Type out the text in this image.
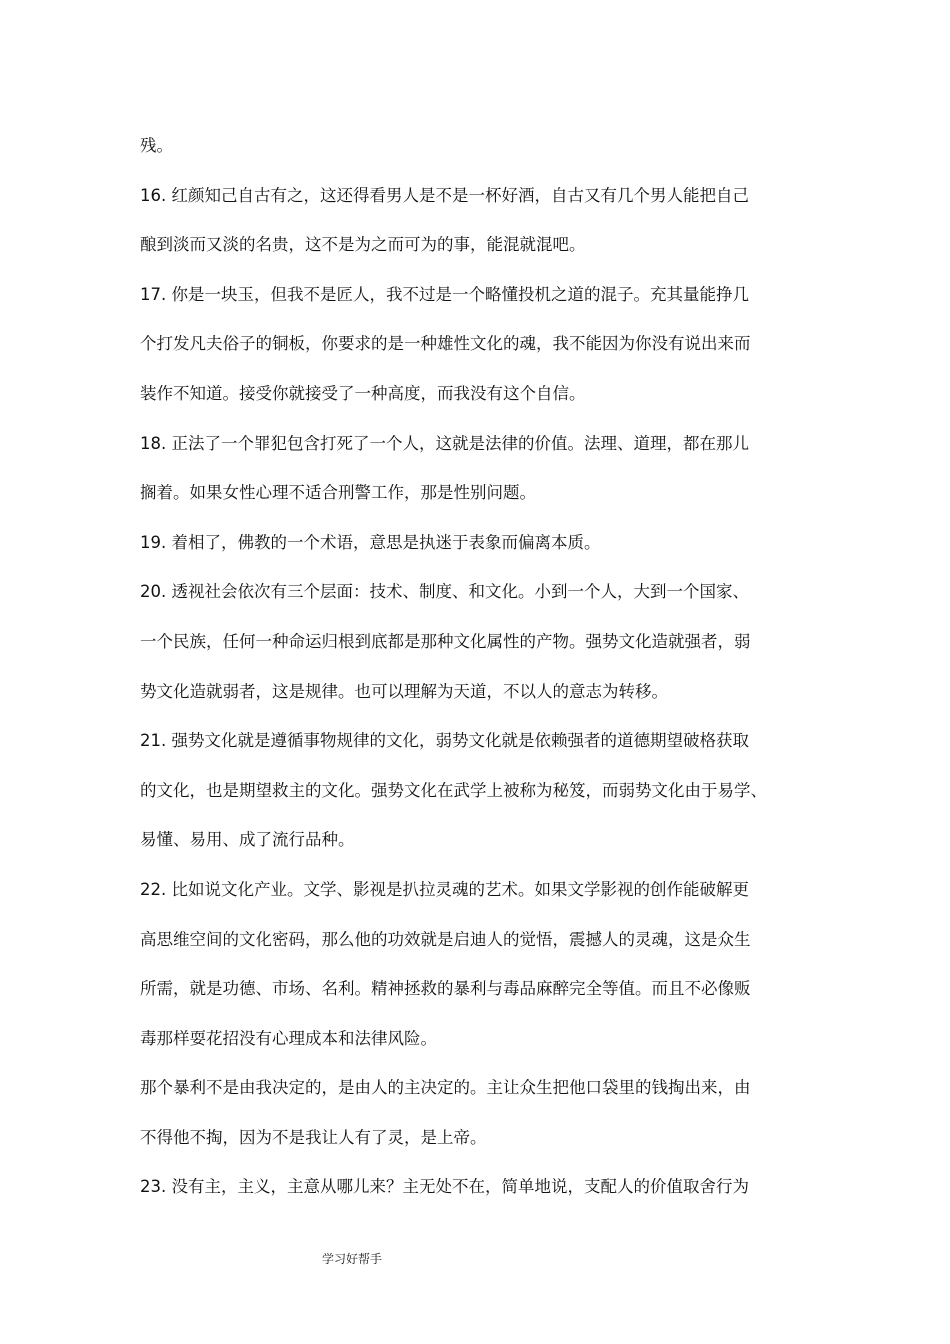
残。
16. 红颜知己自古有之，这还得看男人是不是一杯好酒，自古又有几个男人能把自己
酿到淡而又淡的名贵，这不是为之而可为的事，能混就混吧。
17. 你是一块玉，但我不是匠人，我不过是一个略懂投机之道的混子。充其量能挣几
个打发凡夫俗子的铜板，你要求的是一种雄性文化的魂，我不能因为你没有说出来而
装作不知道。接受你就接受了一种高度，而我没有这个自信。
18. 正法了一个罪犯包含打死了一个人，这就是法律的价值。法理、道理，都在那儿
搁着。如果女性心理不适合刑警工作，那是性别问题。
19. 着相了，佛教的一个术语，意思是执迷于表象而偏离本质。
20. 透视社会依次有三个层面：技术、制度、和文化。小到一个人，大到一个国家、
一个民族，任何一种命运归根到底都是那种文化属性的产物。强势文化造就强者，弱
势文化造就弱者，这是规律。也可以理解为天道，不以人的意志为转移。
21. 强势文化就是遵循事物规律的文化，弱势文化就是依赖强者的道德期望破格获取
的文化，也是期望救主的文化。强势文化在武学上被称为秘笈，而弱势文化由于易学、
易懂、易用、成了流行品种。
22. 比如说文化产业。文学、影视是扒拉灵魂的艺术。如果文学影视的创作能破解更
高思维空间的文化密码，那么他的功效就是启迪人的觉悟，震撼人的灵魂，这是众生
所需，就是功德、市场、名利。精神拯救的暴利与毒品麻醉完全等值。而且不必像贩
毒那样耍花招没有心理成本和法律风险。
那个暴利不是由我决定的，是由人的主决定的。主让众生把他口袋里的钱掏出来，由
不得他不掏，因为不是我让人有了灵，是上帝。
23. 没有主，主义，主意从哪儿来？主无处不在，简单地说，支配人的价值取舍行为
学习好帮手
